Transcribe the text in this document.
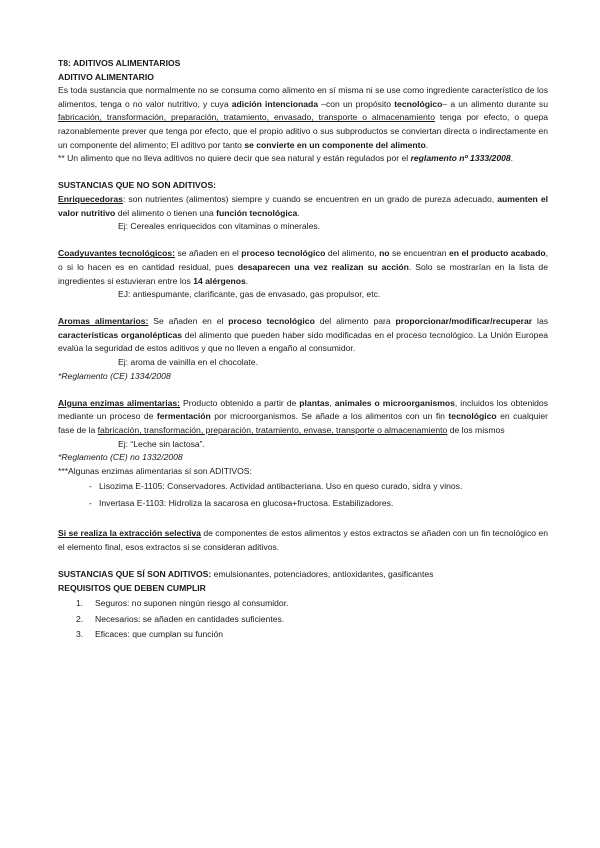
T8: ADITIVOS ALIMENTARIOS

ADITIVO ALIMENTARIO

Es toda sustancia que normalmente no se consuma como alimento en sí misma ni se use como ingrediente característico de los alimentos, tenga o no valor nutritivo, y cuya adición intencionada –con un propósito tecnológico– a un alimento durante su fabricación, transformación, preparación, tratamiento, envasado, transporte o almacenamiento tenga por efecto, o quepa razonablemente prever que tenga por efecto, que el propio aditivo o sus subproductos se conviertan directa o indirectamente en un componente del alimento; El aditivo por tanto se convierte en un componente del alimento.

** Un alimento que no lleva aditivos no quiere decir que sea natural y están regulados por el reglamento nº 1333/2008.

SUSTANCIAS QUE NO SON ADITIVOS:

Enriquecedoras: son nutrientes (alimentos) siempre y cuando se encuentren en un grado de pureza adecuado, aumenten el valor nutritivo del alimento o tienen una función tecnológica.

Ej: Cereales enriquecidos con vitaminas o minerales.

Coadyuvantes tecnológicos: se añaden en el proceso tecnológico del alimento, no se encuentran en el producto acabado, o si lo hacen es en cantidad residual, pues desaparecen una vez realizan su acción. Solo se mostrarían en la lista de ingredientes si estuvieran entre los 14 alérgenos.

EJ: antiespumante, clarificante, gas de envasado, gas propulsor, etc.

Aromas alimentarios: Se añaden en el proceso tecnológico del alimento para proporcionar/modificar/recuperar las características organolépticas del alimento que pueden haber sido modificadas en el proceso tecnológico. La Unión Europea evalúa la seguridad de estos aditivos y que no lleven a engaño al consumidor.

Ej: aroma de vainilla en el chocolate.

*Reglamento (CE) 1334/2008

Alguna enzimas alimentarias: Producto obtenido a partir de plantas, animales o microorganismos, incluidos los obtenidos mediante un proceso de fermentación por microorganismos. Se añade a los alimentos con un fin tecnológico en cualquier fase de la fabricación, transformación, preparación, tratamiento, envase, transporte o almacenamiento de los mismos

Ej: “Leche sin lactosa”.

*Reglamento (CE) no 1332/2008

***Algunas enzimas alimentarias sí son ADITIVOS:

- Lisozima E-1105: Conservadores. Actividad antibacteriana. Uso en queso curado, sidra y vinos.
- Invertasa E-1103: Hidroliza la sacarosa en glucosa+fructosa. Estabilizadores.

Si se realiza la extracción selectiva de componentes de estos alimentos y estos extractos se añaden con un fin tecnológico en el elemento final, esos extractos si se consideran aditivos.

SUSTANCIAS QUE SÍ SON ADITIVOS: emulsionantes, potenciadores, antioxidantes, gasificantes

REQUISITOS QUE DEBEN CUMPLIR

1. Seguros: no suponen ningún riesgo al consumidor.
2. Necesarios: se añaden en cantidades suficientes.
3. Eficaces: que cumplan su función
